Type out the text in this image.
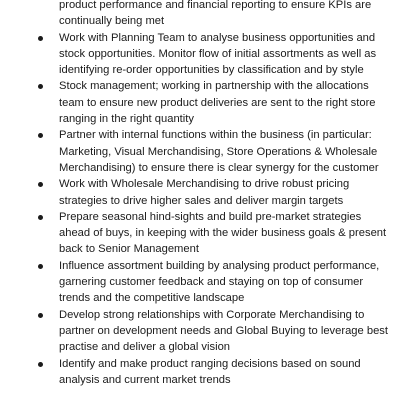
product performance and financial reporting to ensure KPIs are continually being met
Work with Planning Team to analyse business opportunities and stock opportunities. Monitor flow of initial assortments as well as identifying re-order opportunities by classification and by style
Stock management; working in partnership with the allocations team to ensure new product deliveries are sent to the right store ranging in the right quantity
Partner with internal functions within the business (in particular: Marketing, Visual Merchandising, Store Operations & Wholesale Merchandising) to ensure there is clear synergy for the customer
Work with Wholesale Merchandising to drive robust pricing strategies to drive higher sales and deliver margin targets
Prepare seasonal hind-sights and build pre-market strategies ahead of buys, in keeping with the wider business goals & present back to Senior Management
Influence assortment building by analysing product performance, garnering customer feedback and staying on top of consumer trends and the competitive landscape
Develop strong relationships with Corporate Merchandising to partner on development needs and Global Buying to leverage best practise and deliver a global vision
Identify and make product ranging decisions based on sound analysis and current market trends
